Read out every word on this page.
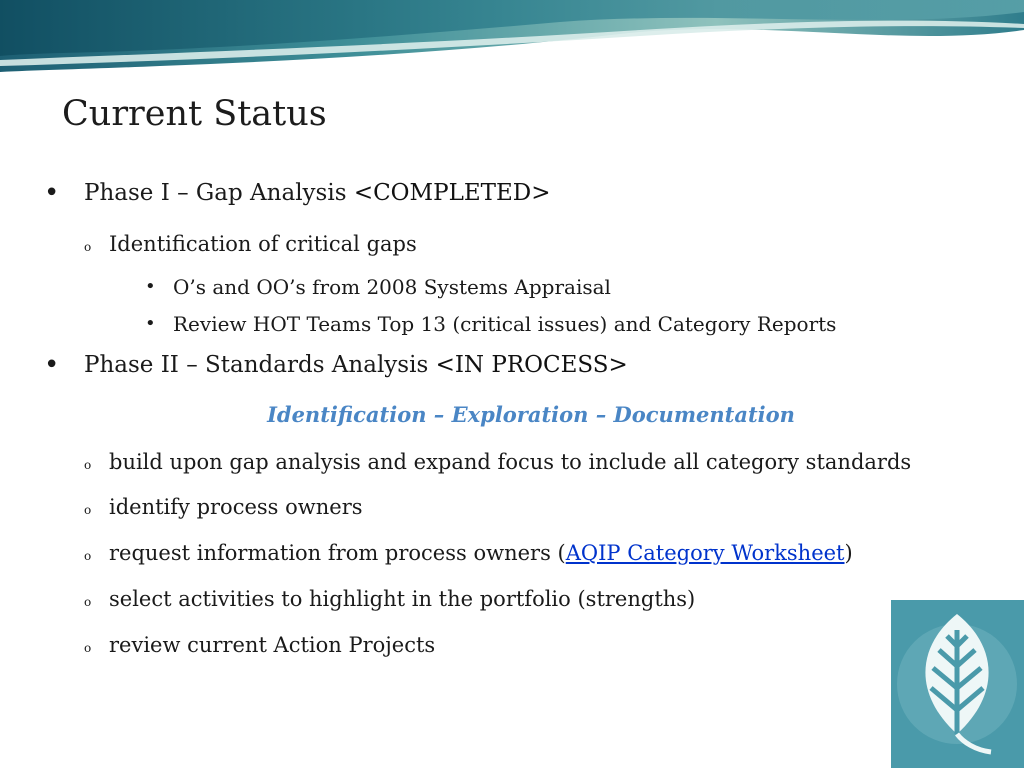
Current Status
• Phase I – Gap Analysis <COMPLETED>
o Identification of critical gaps
• O’s and OO’s from 2008 Systems Appraisal
• Review HOT Teams Top 13 (critical issues) and Category Reports
• Phase II – Standards Analysis <IN PROCESS>
Identification – Exploration – Documentation
o build upon gap analysis and expand focus to include all category standards
o identify process owners
o request information from process owners (AQIP Category Worksheet)
o select activities to highlight in the portfolio (strengths)
o review current Action Projects
